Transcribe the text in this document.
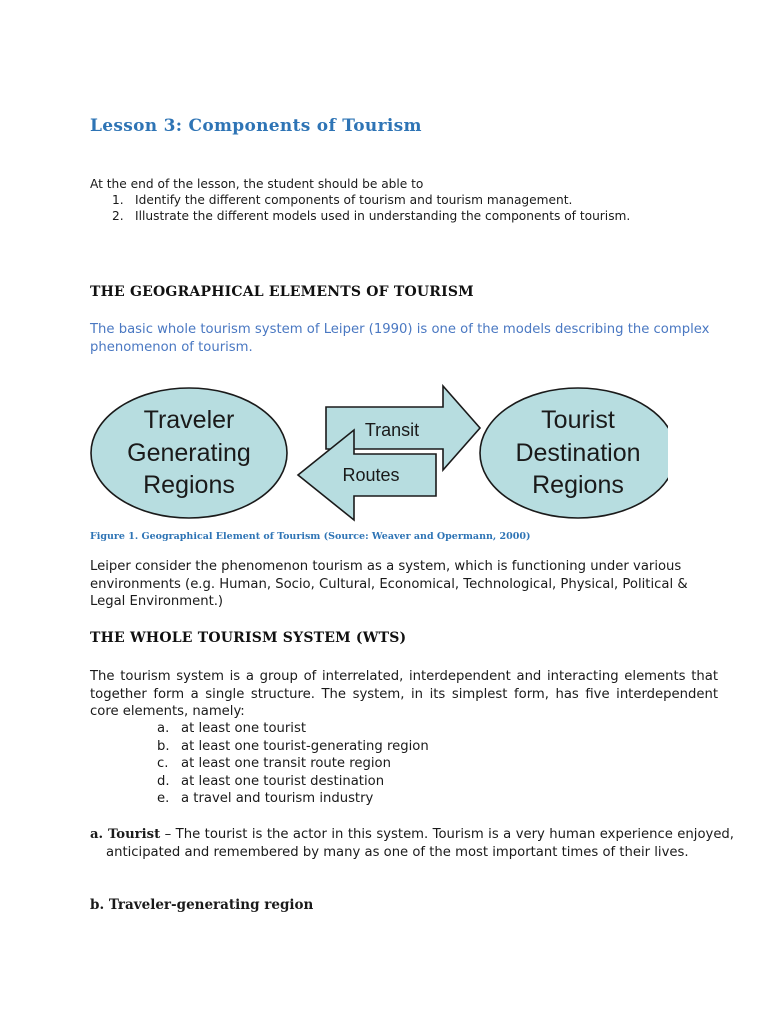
Lesson 3: Components of Tourism
At the end of the lesson, the student should be able to
1. Identify the different components of tourism and tourism management.
2. Illustrate the different models used in understanding the components of tourism.
THE GEOGRAPHICAL ELEMENTS OF TOURISM
The basic whole tourism system of Leiper (1990) is one of the models describing the complex phenomenon of tourism.
Traveler
Generating
Regions
Tourist
Destination
Regions
Transit
Routes
Figure 1. Geographical Element of Tourism (Source: Weaver and Opermann, 2000)
Leiper consider the phenomenon tourism as a system, which is functioning under various environments (e.g. Human, Socio, Cultural, Economical, Technological, Physical, Political & Legal Environment.)
THE WHOLE TOURISM SYSTEM (WTS)
The tourism system is a group of interrelated, interdependent and interacting elements that together form a single structure. The system, in its simplest form, has five interdependent core elements, namely:
a. at least one tourist
b. at least one tourist-generating region
c. at least one transit route region
d. at least one tourist destination
e. a travel and tourism industry
a. Tourist – The tourist is the actor in this system. Tourism is a very human experience enjoyed, anticipated and remembered by many as one of the most important times of their lives.
b. Traveler-generating region
